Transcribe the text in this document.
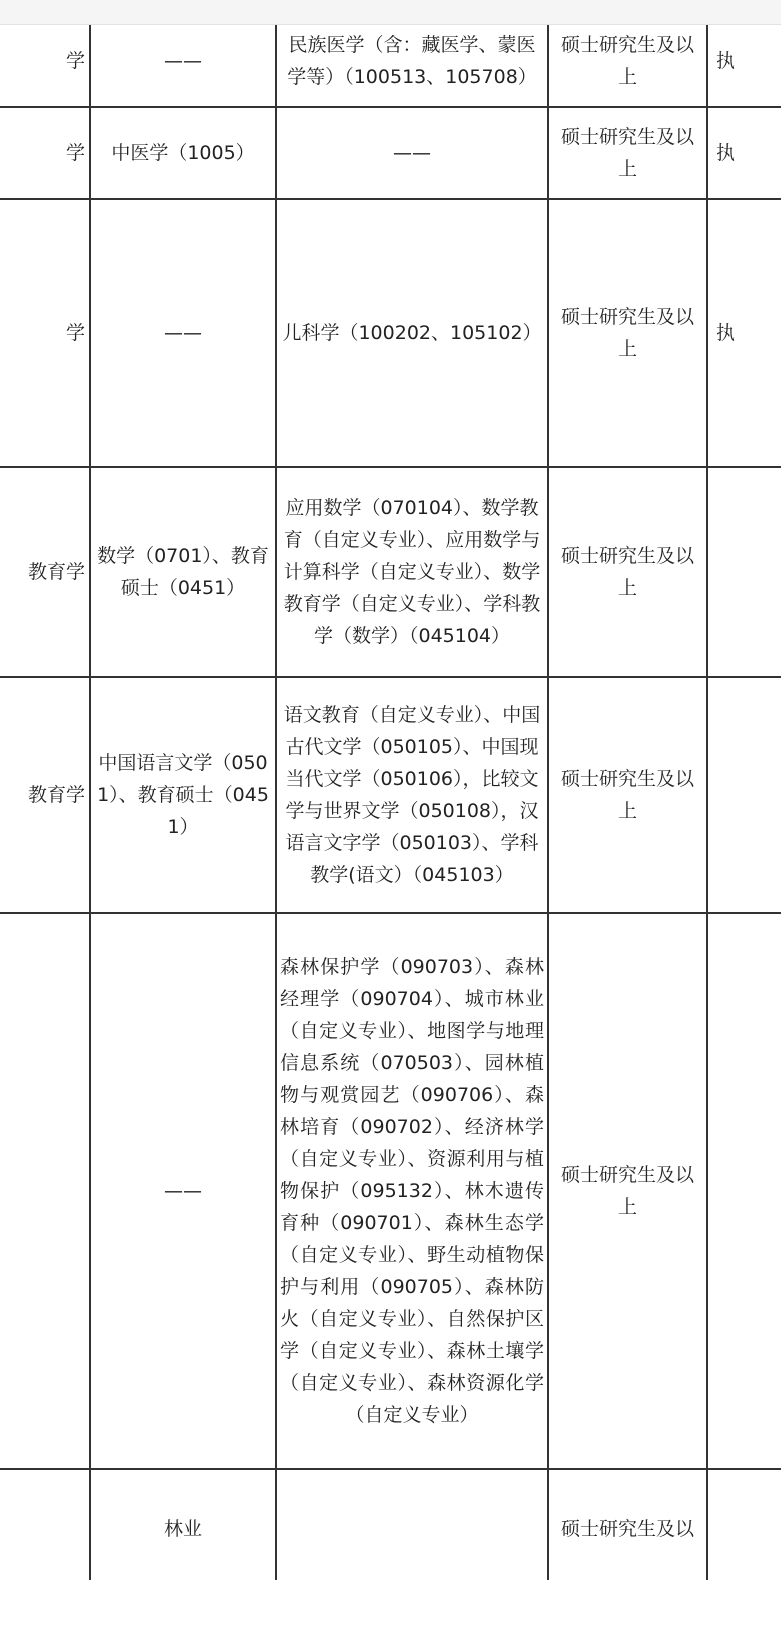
学	——	民族医学（含：藏医学、蒙医学等）（100513、105708）	硕士研究生及以上	执
学	中医学（1005）	——	硕士研究生及以上	执
学	——	儿科学（100202、105102）	硕士研究生及以上	执
教育学	数学（0701）、教育硕士（0451）	应用数学（070104）、数学教育（自定义专业）、应用数学与计算科学（自定义专业）、数学教育学（自定义专业）、学科教学（数学）（045104）	硕士研究生及以上	
教育学	中国语言文学（0501）、教育硕士（0451）	语文教育（自定义专业）、中国古代文学（050105）、中国现当代文学（050106），比较文学与世界文学（050108），汉语言文字学（050103）、学科教学(语文）（045103）	硕士研究生及以上	
	——	森林保护学（090703）、森林经理学（090704）、城市林业（自定义专业）、地图学与地理信息系统（070503）、园林植物与观赏园艺（090706）、森林培育（090702）、经济林学（自定义专业）、资源利用与植物保护（095132）、林木遗传育种（090701）、森林生态学（自定义专业）、野生动植物保护与利用（090705）、森林防火（自定义专业）、自然保护区学（自定义专业）、森林土壤学（自定义专业）、森林资源化学（自定义专业）	硕士研究生及以上	
	林业		硕士研究生及以	
